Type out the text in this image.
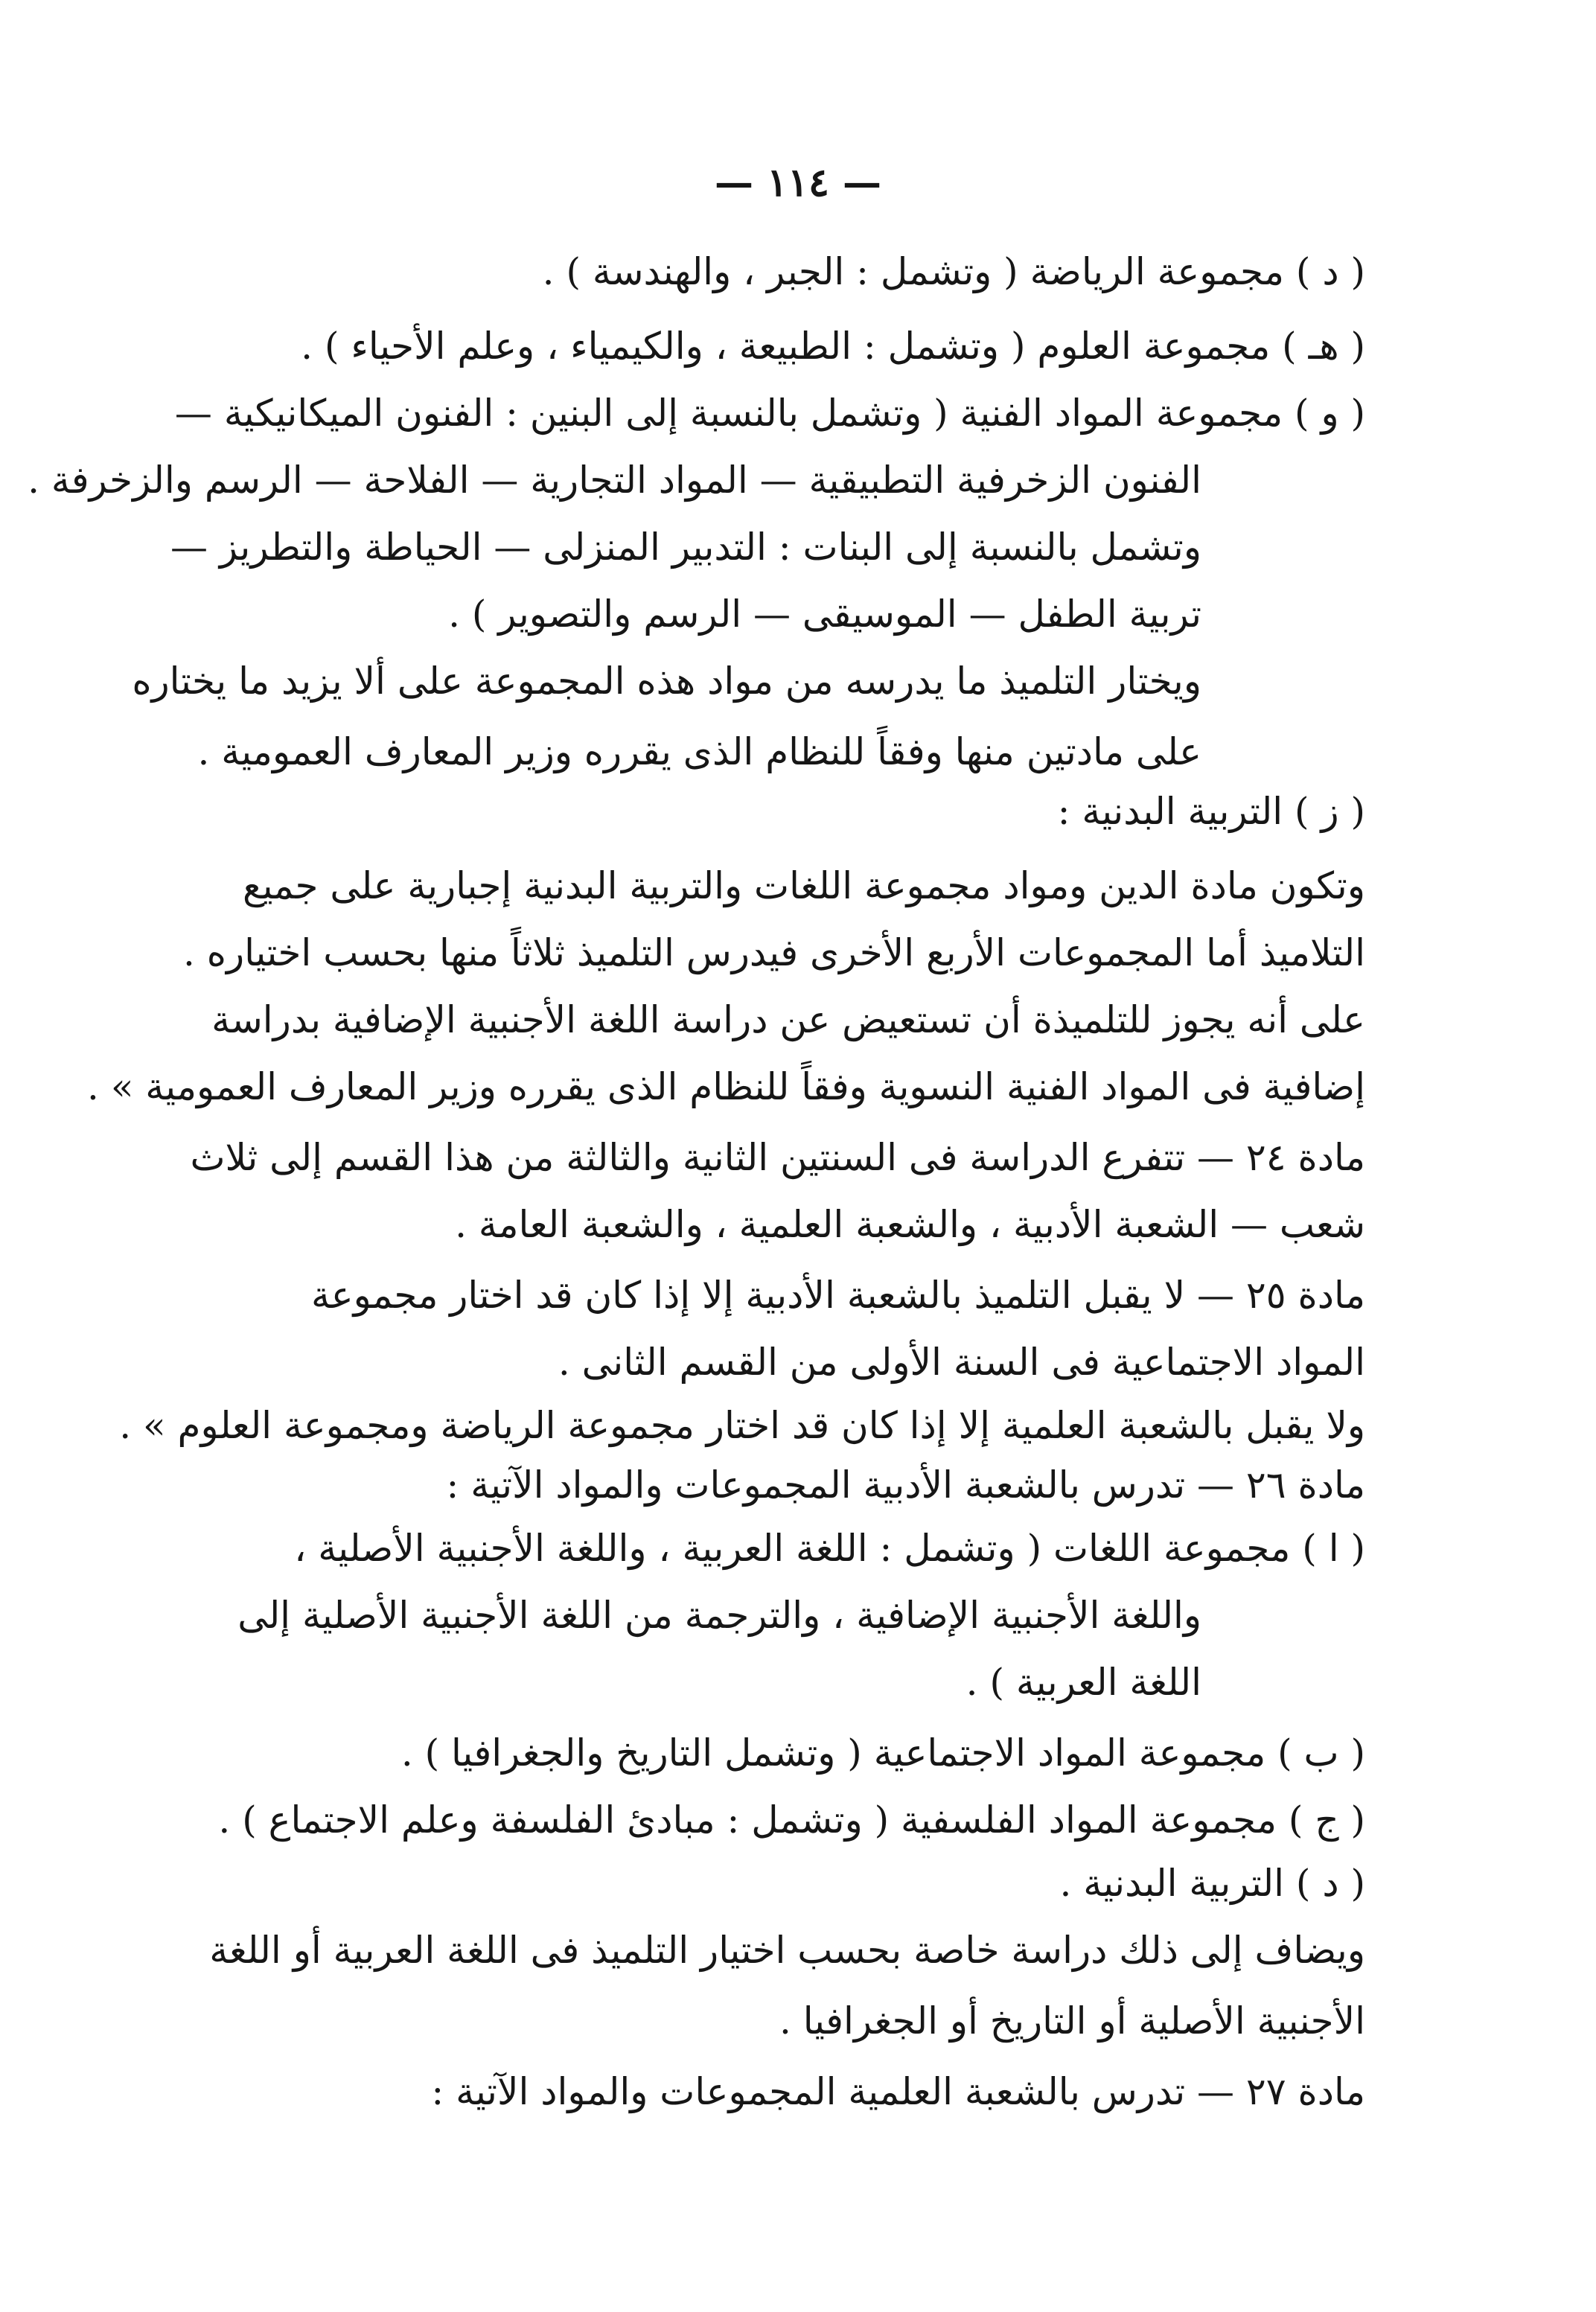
— ١١٤ —
( د ) مجموعة الرياضة ( وتشمل : الجبر ، والهندسة ) .
( هـ ) مجموعة العلوم ( وتشمل : الطبيعة ، والكيمياء ، وعلم الأحياء ) .
( و ) مجموعة المواد الفنية ( وتشمل بالنسبة إلى البنين : الفنون الميكانيكية —
الفنون الزخرفية التطبيقية — المواد التجارية — الفلاحة — الرسم والزخرفة .
وتشمل بالنسبة إلى البنات : التدبير المنزلى — الحياطة والتطريز —
تربية الطفل — الموسيقى — الرسم والتصوير ) .
ويختار التلميذ ما يدرسه من مواد هذه المجموعة على ألا يزيد ما يختاره
على مادتين منها وفقاً للنظام الذى يقرره وزير المعارف العمومية .
( ز ) التربية البدنية :
وتكون مادة الدين ومواد مجموعة اللغات والتربية البدنية إجبارية على جميع
التلاميذ أما المجموعات الأربع الأخرى فيدرس التلميذ ثلاثاً منها بحسب اختياره .
على أنه يجوز للتلميذة أن تستعيض عن دراسة اللغة الأجنبية الإضافية بدراسة
إضافية فى المواد الفنية النسوية وفقاً للنظام الذى يقرره وزير المعارف العمومية » .
مادة ٢٤ — تتفرع الدراسة فى السنتين الثانية والثالثة من هذا القسم إلى ثلاث
شعب — الشعبة الأدبية ، والشعبة العلمية ، والشعبة العامة .
مادة ٢٥ — لا يقبل التلميذ بالشعبة الأدبية إلا إذا كان قد اختار مجموعة
المواد الاجتماعية فى السنة الأولى من القسم الثانى .
ولا يقبل بالشعبة العلمية إلا إذا كان قد اختار مجموعة الرياضة ومجموعة العلوم » .
مادة ٢٦ — تدرس بالشعبة الأدبية المجموعات والمواد الآتية :
( ا ) مجموعة اللغات ( وتشمل : اللغة العربية ، واللغة الأجنبية الأصلية ،
واللغة الأجنبية الإضافية ، والترجمة من اللغة الأجنبية الأصلية إلى
اللغة العربية ) .
( ب ) مجموعة المواد الاجتماعية ( وتشمل التاريخ والجغرافيا ) .
( ج ) مجموعة المواد الفلسفية ( وتشمل : مبادئ الفلسفة وعلم الاجتماع ) .
( د ) التربية البدنية .
ويضاف إلى ذلك دراسة خاصة بحسب اختيار التلميذ فى اللغة العربية أو اللغة
الأجنبية الأصلية أو التاريخ أو الجغرافيا .
مادة ٢٧ — تدرس بالشعبة العلمية المجموعات والمواد الآتية :
